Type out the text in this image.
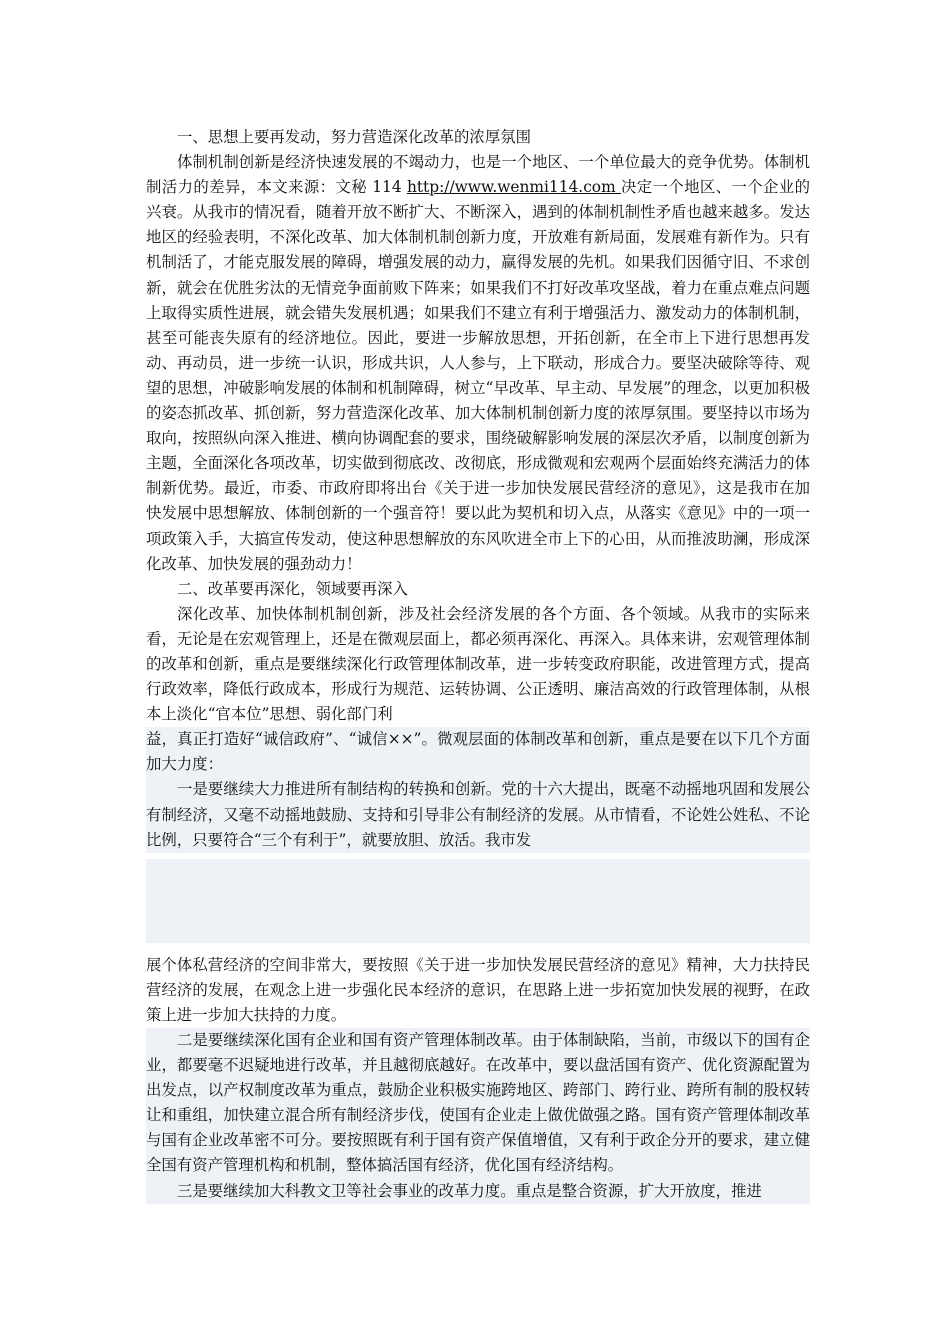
一、思想上要再发动，努力营造深化改革的浓厚氛围

体制机制创新是经济快速发展的不竭动力，也是一个地区、一个单位最大的竞争优势。体制机制活力的差异，本文来源：文秘 114 http://www.wenmi114.com 决定一个地区、一个企业的兴衰。从我市的情况看，随着开放不断扩大、不断深入，遇到的体制机制性矛盾也越来越多。发达地区的经验表明，不深化改革、加大体制机制创新力度，开放难有新局面，发展难有新作为。只有机制活了，才能克服发展的障碍，增强发展的动力，赢得发展的先机。如果我们因循守旧、不求创新，就会在优胜劣汰的无情竞争面前败下阵来；如果我们不打好改革攻坚战，着力在重点难点问题上取得实质性进展，就会错失发展机遇；如果我们不建立有利于增强活力、激发动力的体制机制，甚至可能丧失原有的经济地位。因此，要进一步解放思想，开拓创新，在全市上下进行思想再发动、再动员，进一步统一认识，形成共识，人人参与，上下联动，形成合力。要坚决破除等待、观望的思想，冲破影响发展的体制和机制障碍，树立“早改革、早主动、早发展”的理念，以更加积极的姿态抓改革、抓创新，努力营造深化改革、加大体制机制创新力度的浓厚氛围。要坚持以市场为取向，按照纵向深入推进、横向协调配套的要求，围绕破解影响发展的深层次矛盾，以制度创新为主题，全面深化各项改革，切实做到彻底改、改彻底，形成微观和宏观两个层面始终充满活力的体制新优势。最近，市委、市政府即将出台《关于进一步加快发展民营经济的意见》，这是我市在加快发展中思想解放、体制创新的一个强音符！要以此为契机和切入点，从落实《意见》中的一项一项政策入手，大搞宣传发动，使这种思想解放的东风吹进全市上下的心田，从而推波助澜，形成深化改革、加快发展的强劲动力！

二、改革要再深化，领域要再深入

深化改革、加快体制机制创新，涉及社会经济发展的各个方面、各个领域。从我市的实际来看，无论是在宏观管理上，还是在微观层面上，都必须再深化、再深入。具体来讲，宏观管理体制的改革和创新，重点是要继续深化行政管理体制改革，进一步转变政府职能，改进管理方式，提高行政效率，降低行政成本，形成行为规范、运转协调、公正透明、廉洁高效的行政管理体制，从根本上淡化“官本位”思想、弱化部门利

益，真正打造好“诚信政府”、“诚信××”。微观层面的体制改革和创新，重点是要在以下几个方面加大力度：

一是要继续大力推进所有制结构的转换和创新。党的十六大提出，既毫不动摇地巩固和发展公有制经济，又毫不动摇地鼓励、支持和引导非公有制经济的发展。从市情看，不论姓公姓私、不论比例，只要符合“三个有利于”，就要放胆、放活。我市发

展个体私营经济的空间非常大，要按照《关于进一步加快发展民营经济的意见》精神，大力扶持民营经济的发展，在观念上进一步强化民本经济的意识，在思路上进一步拓宽加快发展的视野，在政策上进一步加大扶持的力度。

二是要继续深化国有企业和国有资产管理体制改革。由于体制缺陷，当前，市级以下的国有企业，都要毫不迟疑地进行改革，并且越彻底越好。在改革中，要以盘活国有资产、优化资源配置为出发点，以产权制度改革为重点，鼓励企业积极实施跨地区、跨部门、跨行业、跨所有制的股权转让和重组，加快建立混合所有制经济步伐，使国有企业走上做优做强之路。国有资产管理体制改革与国有企业改革密不可分。要按照既有利于国有资产保值增值，又有利于政企分开的要求，建立健全国有资产管理机构和机制，整体搞活国有经济，优化国有经济结构。

三是要继续加大科教文卫等社会事业的改革力度。重点是整合资源，扩大开放度，推进
